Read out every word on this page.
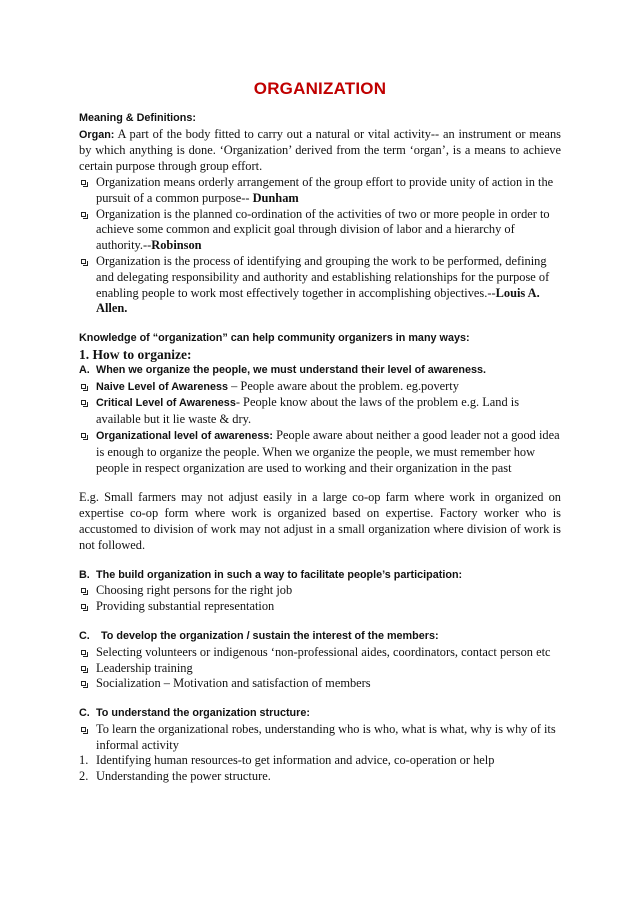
ORGANIZATION
Meaning & Definitions:

Organ: A part of the body fitted to carry out a natural or vital activity-- an instrument or means by which anything is done. ‘Organization’ derived from the term ‘organ’, is a means to achieve certain purpose through group effort.

Organization means orderly arrangement of the group effort to provide unity of action in the pursuit of a common purpose-- Dunham

Organization is the planned co-ordination of the activities of two or more people in order to achieve some common and explicit goal through division of labor and a hierarchy of authority.--Robinson

Organization is the process of identifying and grouping the work to be performed, defining and delegating responsibility and authority and establishing relationships for the purpose of enabling people to work most effectively together in accomplishing objectives.--Louis A. Allen.

Knowledge of “organization” can help community organizers in many ways:
1. How to organize:

A. When we organize the people, we must understand their level of awareness.

Naive Level of Awareness – People aware about the problem. eg.poverty

Critical Level of Awareness- People know about the laws of the problem e.g. Land is available but it lie waste & dry.

Organizational level of awareness: People aware about neither a good leader not a good idea is enough to organize the people. When we organize the people, we must remember how people in respect organization are used to working and their organization in the past

E.g. Small farmers may not adjust easily in a large co-op farm where work in organized on expertise co-op form where work is organized based on expertise. Factory worker who is accustomed to division of work may not adjust in a small organization where division of work is not followed.

B. The build organization in such a way to facilitate people’s participation:

Choosing right persons for the right job

Providing substantial representation

C. To develop the organization / sustain the interest of the members:

Selecting volunteers or indigenous ‘non-professional aides, coordinators, contact person etc

Leadership training

Socialization – Motivation and satisfaction of members

C. To understand the organization structure:

To learn the organizational robes, understanding who is who, what is what, why is why of its informal activity

1. Identifying human resources-to get information and advice, co-operation or help

2. Understanding the power structure.
